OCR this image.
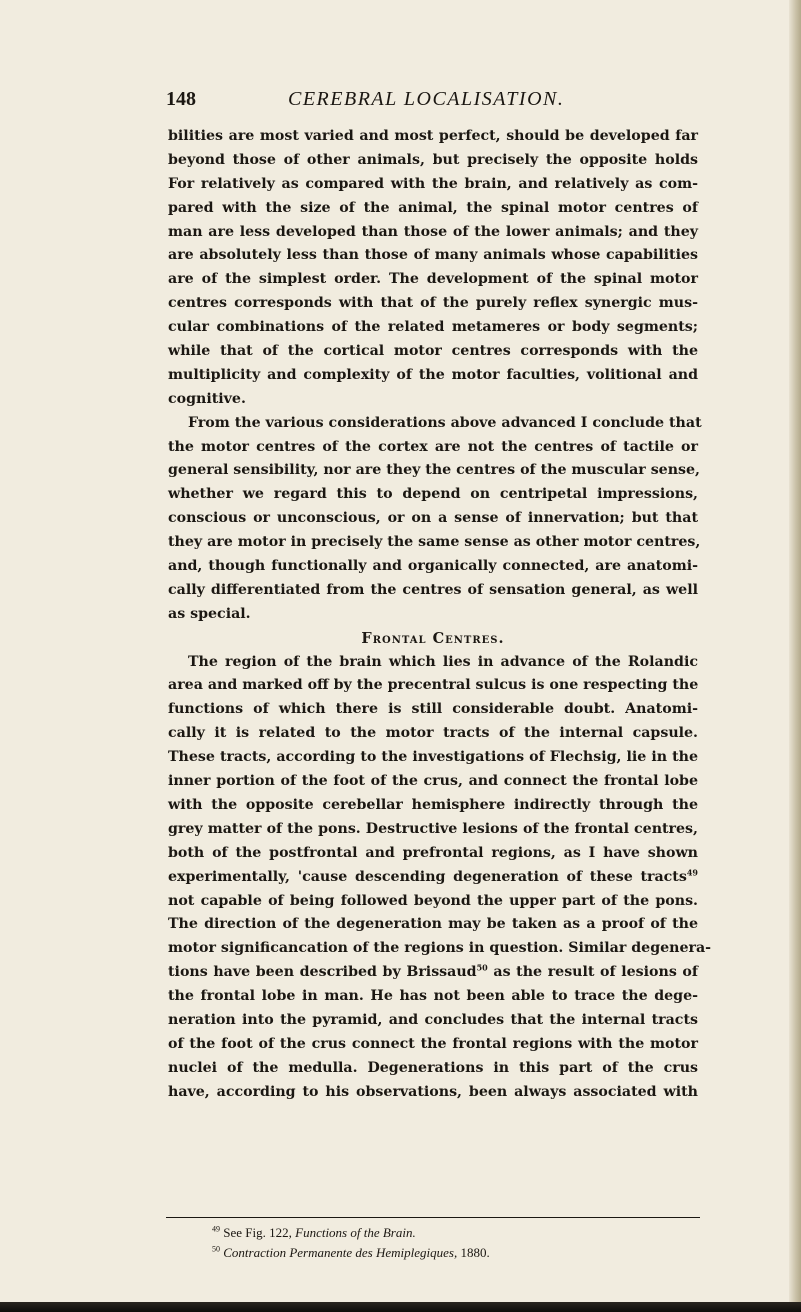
148	CEREBRAL LOCALISATION.
bilities are most varied and most perfect, should be developed far
beyond those of other animals, but precisely the opposite holds
For relatively as compared with the brain, and relatively as com-
pared with the size of the animal, the spinal motor centres of
man are less developed than those of the lower animals; and they
are absolutely less than those of many animals whose capabilities
are of the simplest order. The development of the spinal motor
centres corresponds with that of the purely reflex synergic mus-
cular combinations of the related metameres or body segments;
while that of the cortical motor centres corresponds with the
multiplicity and complexity of the motor faculties, volitional and
cognitive.
From the various considerations above advanced I conclude that
the motor centres of the cortex are not the centres of tactile or
general sensibility, nor are they the centres of the muscular sense,
whether we regard this to depend on centripetal impressions,
conscious or unconscious, or on a sense of innervation; but that
they are motor in precisely the same sense as other motor centres,
and, though functionally and organically connected, are anatomi-
cally differentiated from the centres of sensation general, as well
as special.
Frontal Centres.
The region of the brain which lies in advance of the Rolandic
area and marked off by the precentral sulcus is one respecting the
functions of which there is still considerable doubt. Anatomi-
cally it is related to the motor tracts of the internal capsule.
These tracts, according to the investigations of Flechsig, lie in the
inner portion of the foot of the crus, and connect the frontal lobe
with the opposite cerebellar hemisphere indirectly through the
grey matter of the pons. Destructive lesions of the frontal centres,
both of the postfrontal and prefrontal regions, as I have shown
experimentally, 'cause descending degeneration of these tracts$^{49}$
not capable of being followed beyond the upper part of the pons.
The direction of the degeneration may be taken as a proof of the
motor significancation of the regions in question. Similar degenera-
tions have been described by Brissaud$^{50}$ as the result of lesions of
the frontal lobe in man. He has not been able to trace the dege-
neration into the pyramid, and concludes that the internal tracts
of the foot of the crus connect the frontal regions with the motor
nuclei of the medulla. Degenerations in this part of the crus
have, according to his observations, been always associated with
$^{49}$ See Fig. 122, Functions of the Brain.
$^{50}$ Contraction Permanente des Hemiplegiques, 1880.
